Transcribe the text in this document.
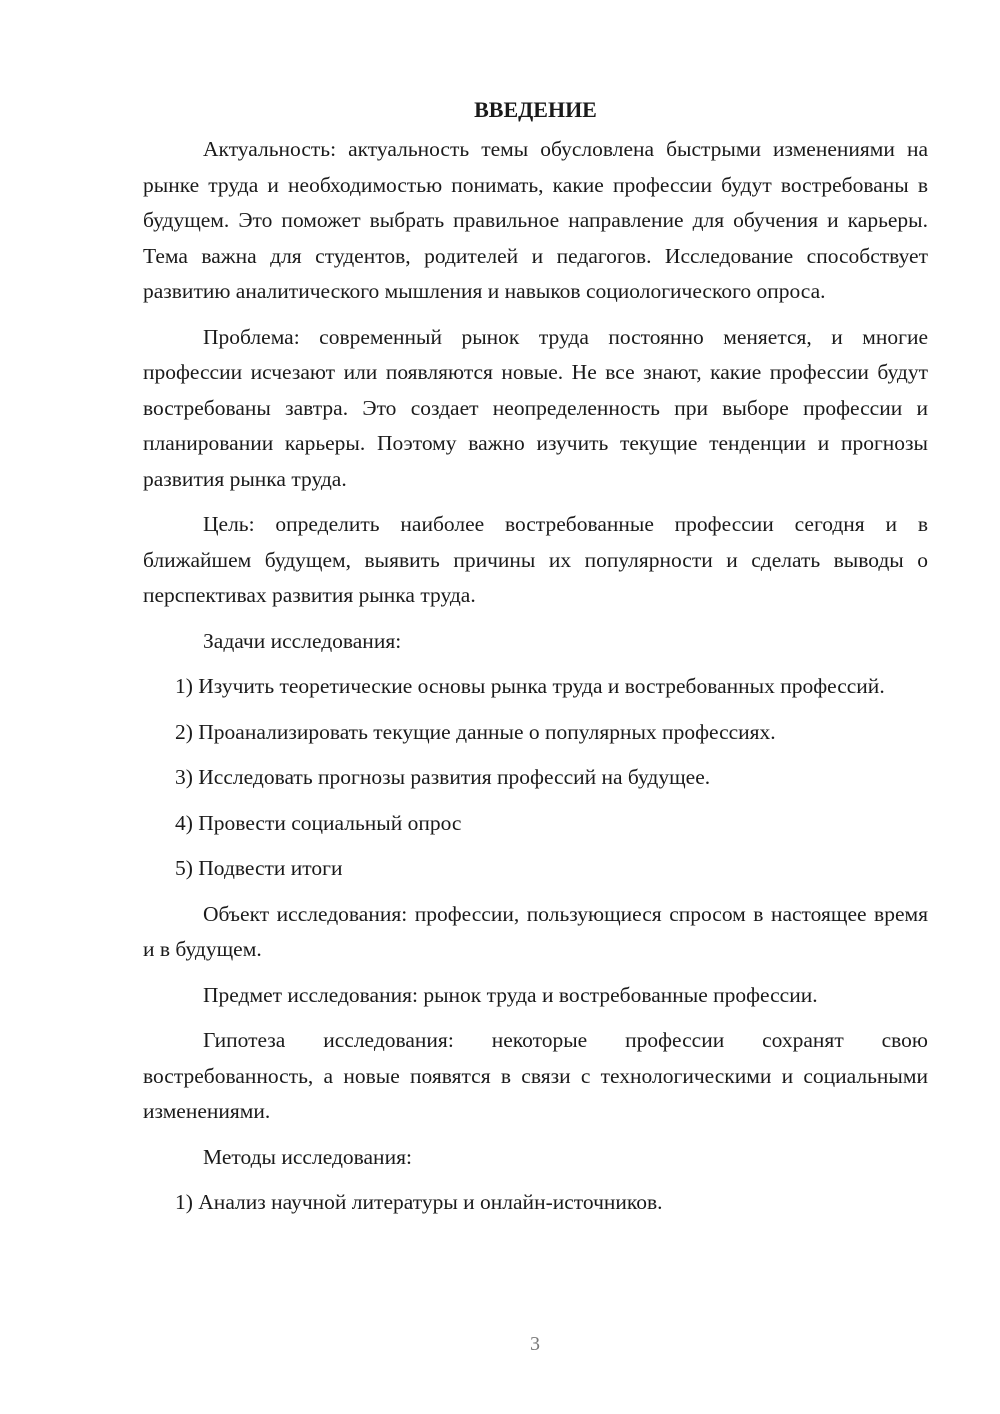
ВВЕДЕНИЕ

Актуальность: актуальность темы обусловлена быстрыми изменениями на рынке труда и необходимостью понимать, какие профессии будут востребованы в будущем. Это поможет выбрать правильное направление для обучения и карьеры. Тема важна для студентов, родителей и педагогов. Исследование способствует развитию аналитического мышления и навыков социологического опроса.

Проблема: современный рынок труда постоянно меняется, и многие профессии исчезают или появляются новые. Не все знают, какие профессии будут востребованы завтра. Это создает неопределенность при выборе профессии и планировании карьеры. Поэтому важно изучить текущие тенденции и прогнозы развития рынка труда.

Цель: определить наиболее востребованные профессии сегодня и в ближайшем будущем, выявить причины их популярности и сделать выводы о перспективах развития рынка труда.

Задачи исследования:

1) Изучить теоретические основы рынка труда и востребованных профессий.

2) Проанализировать текущие данные о популярных профессиях.

3) Исследовать прогнозы развития профессий на будущее.

4) Провести социальный опрос

5) Подвести итоги

Объект исследования: профессии, пользующиеся спросом в настоящее время и в будущем.

Предмет исследования: рынок труда и востребованные профессии.

Гипотеза исследования: некоторые профессии сохранят свою востребованность, а новые появятся в связи с технологическими и социальными изменениями.

Методы исследования:

1) Анализ научной литературы и онлайн-источников.

3
